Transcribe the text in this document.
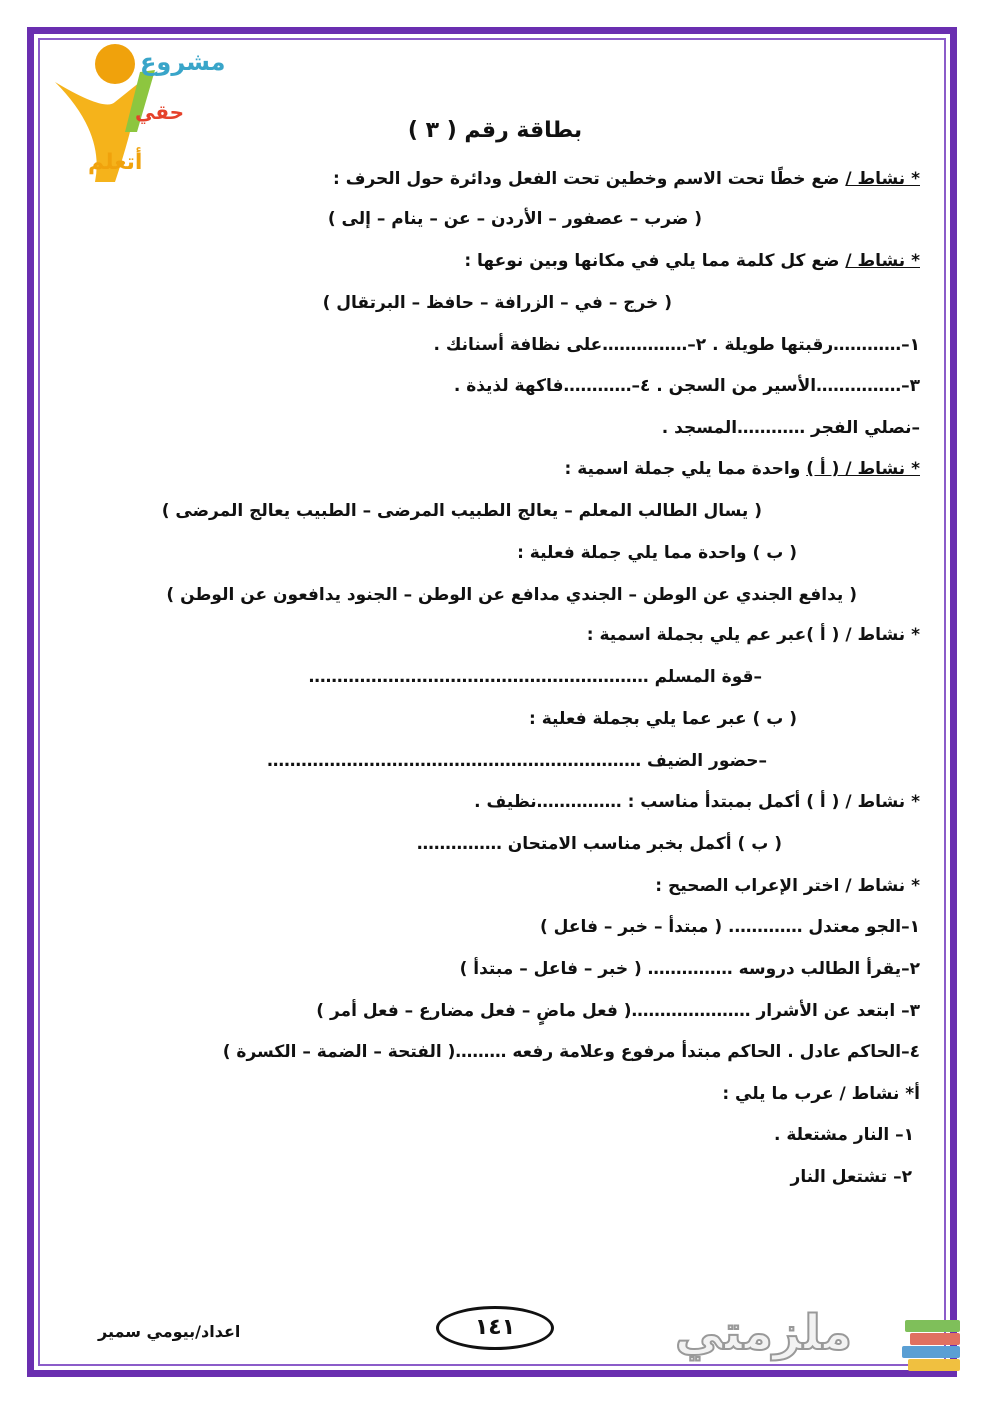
مشروع
حقي
أتعلم
بطاقة رقم ( ٣ )
* نشاط / ضع خطًا تحت الاسم وخطين تحت الفعل ودائرة حول الحرف :
( ضرب – عصفور – الأردن – عن – ينام – إلى )
* نشاط / ضع كل كلمة مما يلي في مكانها وبين نوعها :
( خرج – في – الزرافة – حافظ – البرتقال )
١–…………رقبتها طويلة . ٢–……………على نظافة أسنانك .
٣–……………الأسير من السجن . ٤–…………فاكهة لذيذة .
–نصلي الفجر …………المسجد .
* نشاط / ( أ ) واحدة مما يلي جملة اسمية :
( يسال الطالب المعلم – يعالج الطبيب المرضى – الطبيب يعالج المرضى )
( ب ) واحدة مما يلي جملة فعلية :
( يدافع الجندي عن الوطن – الجندي مدافع عن الوطن – الجنود يدافعون عن الوطن )
* نشاط / ( أ )عبر عم يلي بجملة اسمية :
–قوة المسلم ……………………………………………………
( ب ) عبر عما يلي بجملة فعلية :
–حضور الضيف …………………………………………………………
* نشاط / ( أ ) أكمل بمبتدأ مناسب : ……………نظيف .
( ب ) أكمل بخبر مناسب الامتحان ……………
* نشاط / اختر الإعراب الصحيح :
١–الجو معتدل …………. ( مبتدأ – خبر – فاعل )
٢–يقرأ الطالب دروسه …………… ( خبر – فاعل – مبتدأ )
٣– ابتعد عن الأشرار …………………( فعل ماضٍ – فعل مضارع – فعل أمر )
٤–الحاكم عادل . الحاكم مبتدأ مرفوع وعلامة رفعه ………( الفتحة – الضمة – الكسرة )
أ* نشاط / عرب ما يلي :
١– النار مشتعلة .
٢– تشتعل النار
اعداد/بيومي سمير	١٤١	ملزمتي
